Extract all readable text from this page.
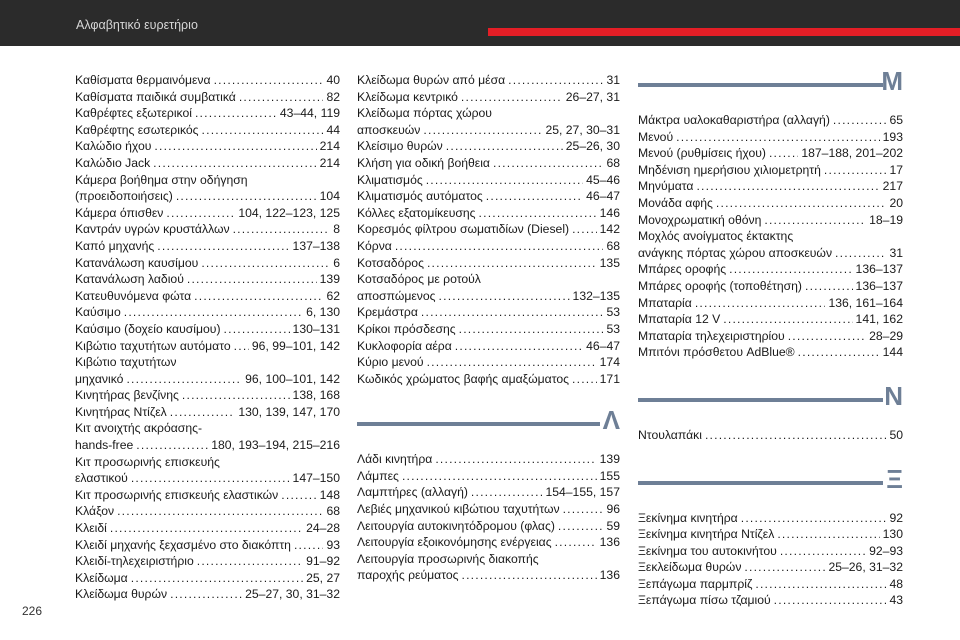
Αλφαβητικό ευρετήριο
Καθίσματα θερμαινόμενα .....	40
Καθίσματα παιδικά συμβατικά .....	82
Καθρέφτες εξωτερικοί .....	43–44, 119
Καθρέφτης εσωτερικός .....	44
Καλώδιο ήχου .....	214
Καλώδιο Jack .....	214
Κάμερα βοήθημα στην οδήγηση
(προειδοποιήσεις) .....	104
Κάμερα όπισθεν .....	104, 122–123, 125
Καντράν υγρών κρυστάλλων .....	8
Καπό μηχανής .....	137–138
Κατανάλωση καυσίμου .....	6
Κατανάλωση λαδιού .....	139
Κατευθυνόμενα φώτα .....	62
Καύσιμο .....	6, 130
Καύσιμο (δοχείο καυσίμου) .....	130–131
Κιβώτιο ταχυτήτων αυτόματο ..... 96, 99–101, 142
Κιβώτιο ταχυτήτων
μηχανικό .....	96, 100–101, 142
Κινητήρας βενζίνης .....	138, 168
Κινητήρας Ντίζελ .....	130, 139, 147, 170
Κιτ ανοιχτής ακρόασης-
hands-free .....	180, 193–194, 215–216
Κιτ προσωρινής επισκευής
ελαστικού .....	147–150
Κιτ προσωρινής επισκευής ελαστικών .....	148
Κλάξον .....	68
Κλειδί .....	24–28
Κλειδί μηχανής ξεχασμένο στο διακόπτη .....	93
Κλειδί-τηλεχειριστήριο .....	91–92
Κλείδωμα .....	25, 27
Κλείδωμα θυρών .....	25–27, 30, 31–32
Κλείδωμα θυρών από μέσα .....	31
Κλείδωμα κεντρικό .....	26–27, 31
Κλείδωμα πόρτας χώρου
αποσκευών .....	25, 27, 30–31
Κλείσιμο θυρών .....	25–26, 30
Κλήση για οδική βοήθεια .....	68
Κλιματισμός .....	45–46
Κλιματισμός αυτόματος .....	46–47
Κόλλες εξατομίκευσης .....	146
Κορεσμός φίλτρου σωματιδίων (Diesel) .....	142
Κόρνα .....	68
Κοτσαδόρος .....	135
Κοτσαδόρος με ροτούλ
αποσπώμενος .....	132–135
Κρεμάστρα .....	53
Κρίκοι πρόσδεσης .....	53
Κυκλοφορία αέρα .....	46–47
Κύριο μενού .....	174
Κωδικός χρώματος βαφής αμαξώματος .....	171
Λ
Λάδι κινητήρα .....	139
Λάμπες .....	155
Λαμπτήρες (αλλαγή) .....	154–155, 157
Λεβιές μηχανικού κιβώτιου ταχυτήτων .....	96
Λειτουργία αυτοκινητόδρομου (φλας) .....	59
Λειτουργία εξοικονόμησης ενέργειας .....	136
Λειτουργία προσωρινής διακοπής
παροχής ρεύματος .....	136
Μ
Μάκτρα υαλοκαθαριστήρα (αλλαγή) .....	65
Μενού .....	193
Μενού (ρυθμίσεις ήχου) .....	187–188, 201–202
Μηδένιση ημερήσιου χιλιομετρητή .....	17
Μηνύματα .....	217
Μονάδα αφής .....	20
Μονοχρωματική οθόνη .....	18–19
Μοχλός ανοίγματος έκτακτης
ανάγκης πόρτας χώρου αποσκευών .....	31
Μπάρες οροφής .....	136–137
Μπάρες οροφής (τοποθέτηση) .....	136–137
Μπαταρία .....	136, 161–164
Μπαταρία 12 V .....	141, 162
Μπαταρία τηλεχειριστηρίου .....	28–29
Μπιτόνι πρόσθετου AdBlue® .....	144
Ν
Ντουλαπάκι .....	50
Ξ
Ξεκίνημα κινητήρα .....	92
Ξεκίνημα κινητήρα Ντίζελ .....	130
Ξεκίνημα του αυτοκινήτου .....	92–93
Ξεκλείδωμα θυρών .....	25–26, 31–32
Ξεπάγωμα παρμπρίζ .....	48
Ξεπάγωμα πίσω τζαμιού .....	43
226
